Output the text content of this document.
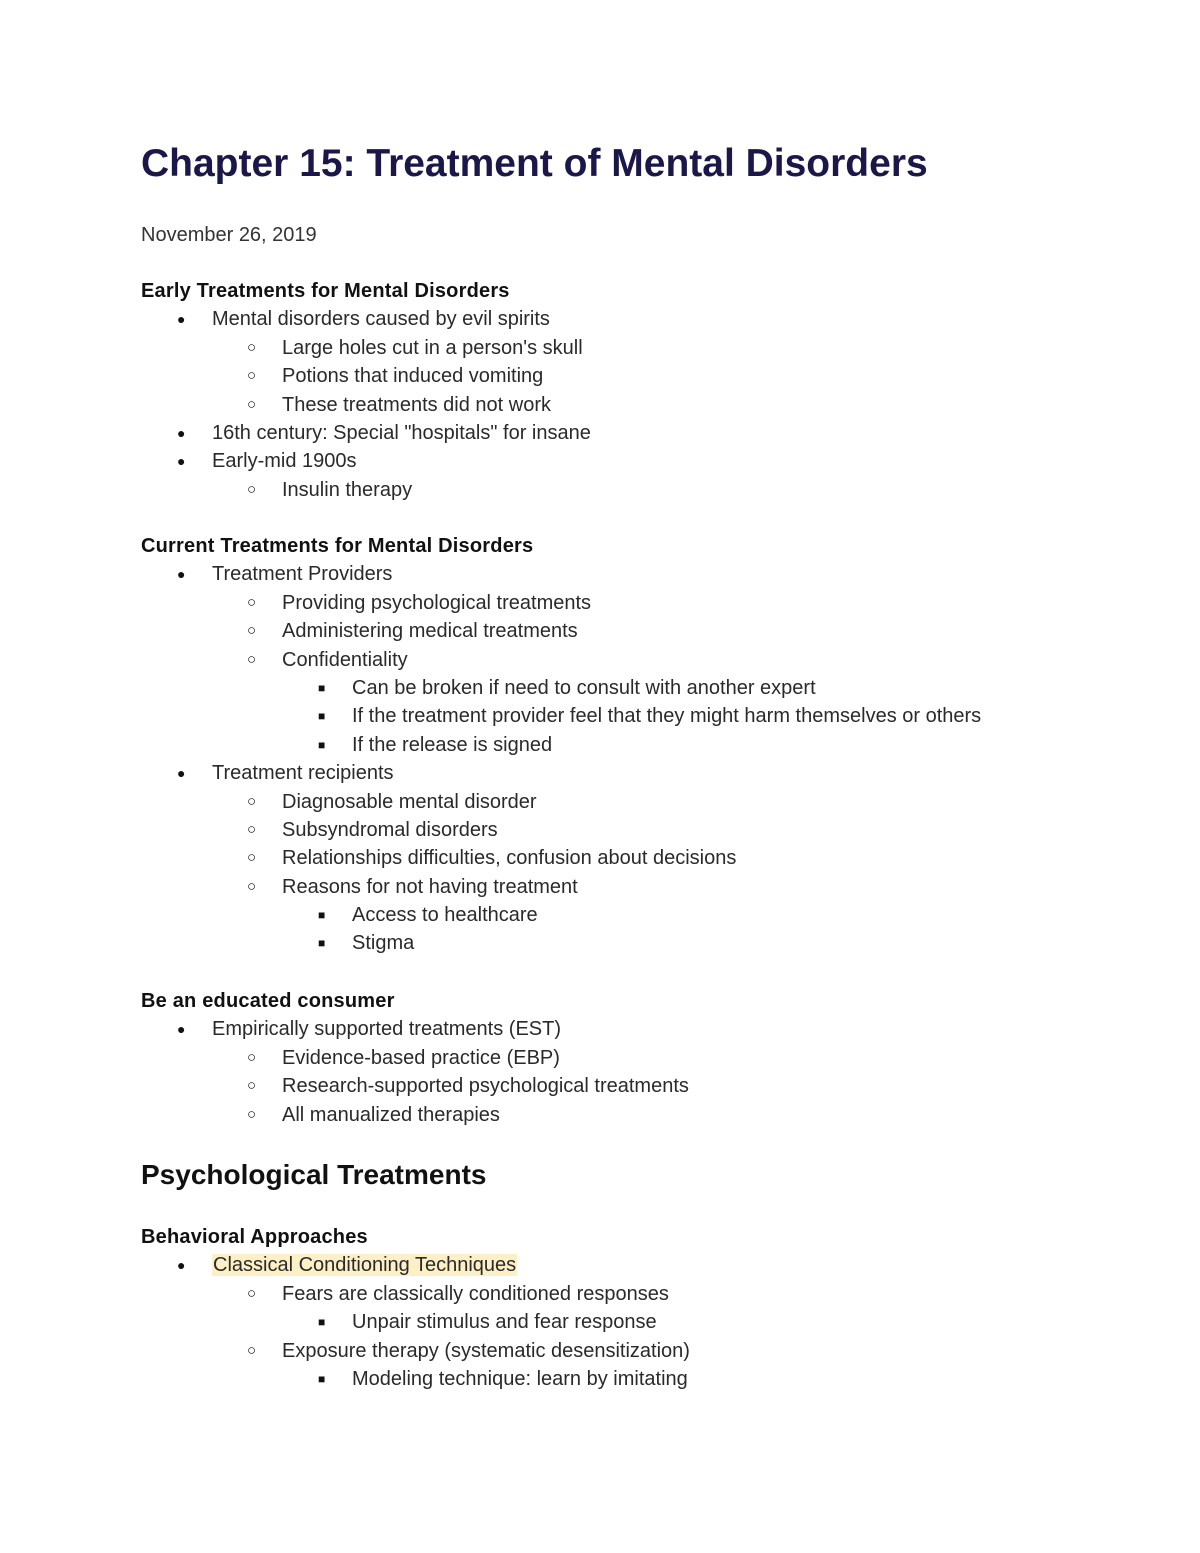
Chapter 15: Treatment of Mental Disorders

November 26, 2019

Early Treatments for Mental Disorders
● Mental disorders caused by evil spirits
○ Large holes cut in a person's skull
○ Potions that induced vomiting
○ These treatments did not work
● 16th century: Special "hospitals" for insane
● Early-mid 1900s
○ Insulin therapy
Current Treatments for Mental Disorders
● Treatment Providers
○ Providing psychological treatments
○ Administering medical treatments
○ Confidentiality
■ Can be broken if need to consult with another expert
■ If the treatment provider feel that they might harm themselves or others
■ If the release is signed
● Treatment recipients
○ Diagnosable mental disorder
○ Subsyndromal disorders
○ Relationships difficulties, confusion about decisions
○ Reasons for not having treatment
■ Access to healthcare
■ Stigma
Be an educated consumer
● Empirically supported treatments (EST)
○ Evidence-based practice (EBP)
○ Research-supported psychological treatments
○ All manualized therapies
Psychological Treatments
Behavioral Approaches
● Classical Conditioning Techniques
○ Fears are classically conditioned responses
■ Unpair stimulus and fear response
○ Exposure therapy (systematic desensitization)
■ Modeling technique: learn by imitating
